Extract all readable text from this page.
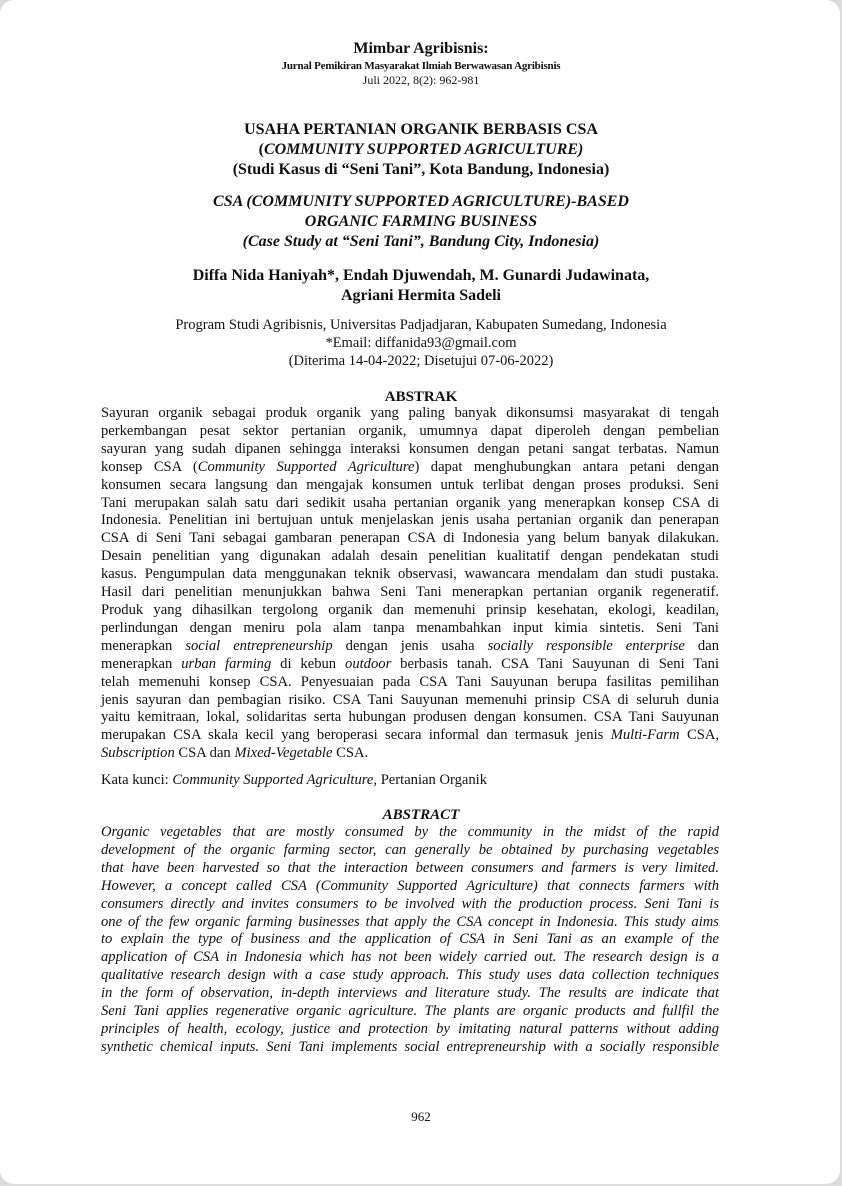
Mimbar Agribisnis:
Jurnal Pemikiran Masyarakat Ilmiah Berwawasan Agribisnis
Juli 2022, 8(2): 962-981
USAHA PERTANIAN ORGANIK BERBASIS CSA
(COMMUNITY SUPPORTED AGRICULTURE)
(Studi Kasus di “Seni Tani”, Kota Bandung, Indonesia)
CSA (COMMUNITY SUPPORTED AGRICULTURE)-BASED
ORGANIC FARMING BUSINESS
(Case Study at “Seni Tani”, Bandung City, Indonesia)
Diffa Nida Haniyah*, Endah Djuwendah, M. Gunardi Judawinata,
Agriani Hermita Sadeli
Program Studi Agribisnis, Universitas Padjadjaran, Kabupaten Sumedang, Indonesia
*Email: diffanida93@gmail.com
(Diterima 14-04-2022; Disetujui 07-06-2022)
ABSTRAK
Sayuran organik sebagai produk organik yang paling banyak dikonsumsi masyarakat di tengah
perkembangan pesat sektor pertanian organik, umumnya dapat diperoleh dengan pembelian
sayuran yang sudah dipanen sehingga interaksi konsumen dengan petani sangat terbatas. Namun
konsep CSA (Community Supported Agriculture) dapat menghubungkan antara petani dengan
konsumen secara langsung dan mengajak konsumen untuk terlibat dengan proses produksi. Seni
Tani merupakan salah satu dari sedikit usaha pertanian organik yang menerapkan konsep CSA di
Indonesia. Penelitian ini bertujuan untuk menjelaskan jenis usaha pertanian organik dan penerapan
CSA di Seni Tani sebagai gambaran penerapan CSA di Indonesia yang belum banyak dilakukan.
Desain penelitian yang digunakan adalah desain penelitian kualitatif dengan pendekatan studi
kasus. Pengumpulan data menggunakan teknik observasi, wawancara mendalam dan studi pustaka.
Hasil dari penelitian menunjukkan bahwa Seni Tani menerapkan pertanian organik regeneratif.
Produk yang dihasilkan tergolong organik dan memenuhi prinsip kesehatan, ekologi, keadilan,
perlindungan dengan meniru pola alam tanpa menambahkan input kimia sintetis. Seni Tani
menerapkan social entrepreneurship dengan jenis usaha socially responsible enterprise dan
menerapkan urban farming di kebun outdoor berbasis tanah. CSA Tani Sauyunan di Seni Tani
telah memenuhi konsep CSA. Penyesuaian pada CSA Tani Sauyunan berupa fasilitas pemilihan
jenis sayuran dan pembagian risiko. CSA Tani Sauyunan memenuhi prinsip CSA di seluruh dunia
yaitu kemitraan, lokal, solidaritas serta hubungan produsen dengan konsumen. CSA Tani Sauyunan
merupakan CSA skala kecil yang beroperasi secara informal dan termasuk jenis Multi-Farm CSA,
Subscription CSA dan Mixed-Vegetable CSA.
Kata kunci: Community Supported Agriculture, Pertanian Organik
ABSTRACT
Organic vegetables that are mostly consumed by the community in the midst of the rapid
development of the organic farming sector, can generally be obtained by purchasing vegetables
that have been harvested so that the interaction between consumers and farmers is very limited.
However, a concept called CSA (Community Supported Agriculture) that connects farmers with
consumers directly and invites consumers to be involved with the production process. Seni Tani is
one of the few organic farming businesses that apply the CSA concept in Indonesia. This study aims
to explain the type of business and the application of CSA in Seni Tani as an example of the
application of CSA in Indonesia which has not been widely carried out. The research design is a
qualitative research design with a case study approach. This study uses data collection techniques
in the form of observation, in-depth interviews and literature study. The results are indicate that
Seni Tani applies regenerative organic agriculture. The plants are organic products and fullfil the
principles of health, ecology, justice and protection by imitating natural patterns without adding
synthetic chemical inputs. Seni Tani implements social entrepreneurship with a socially responsible
962
